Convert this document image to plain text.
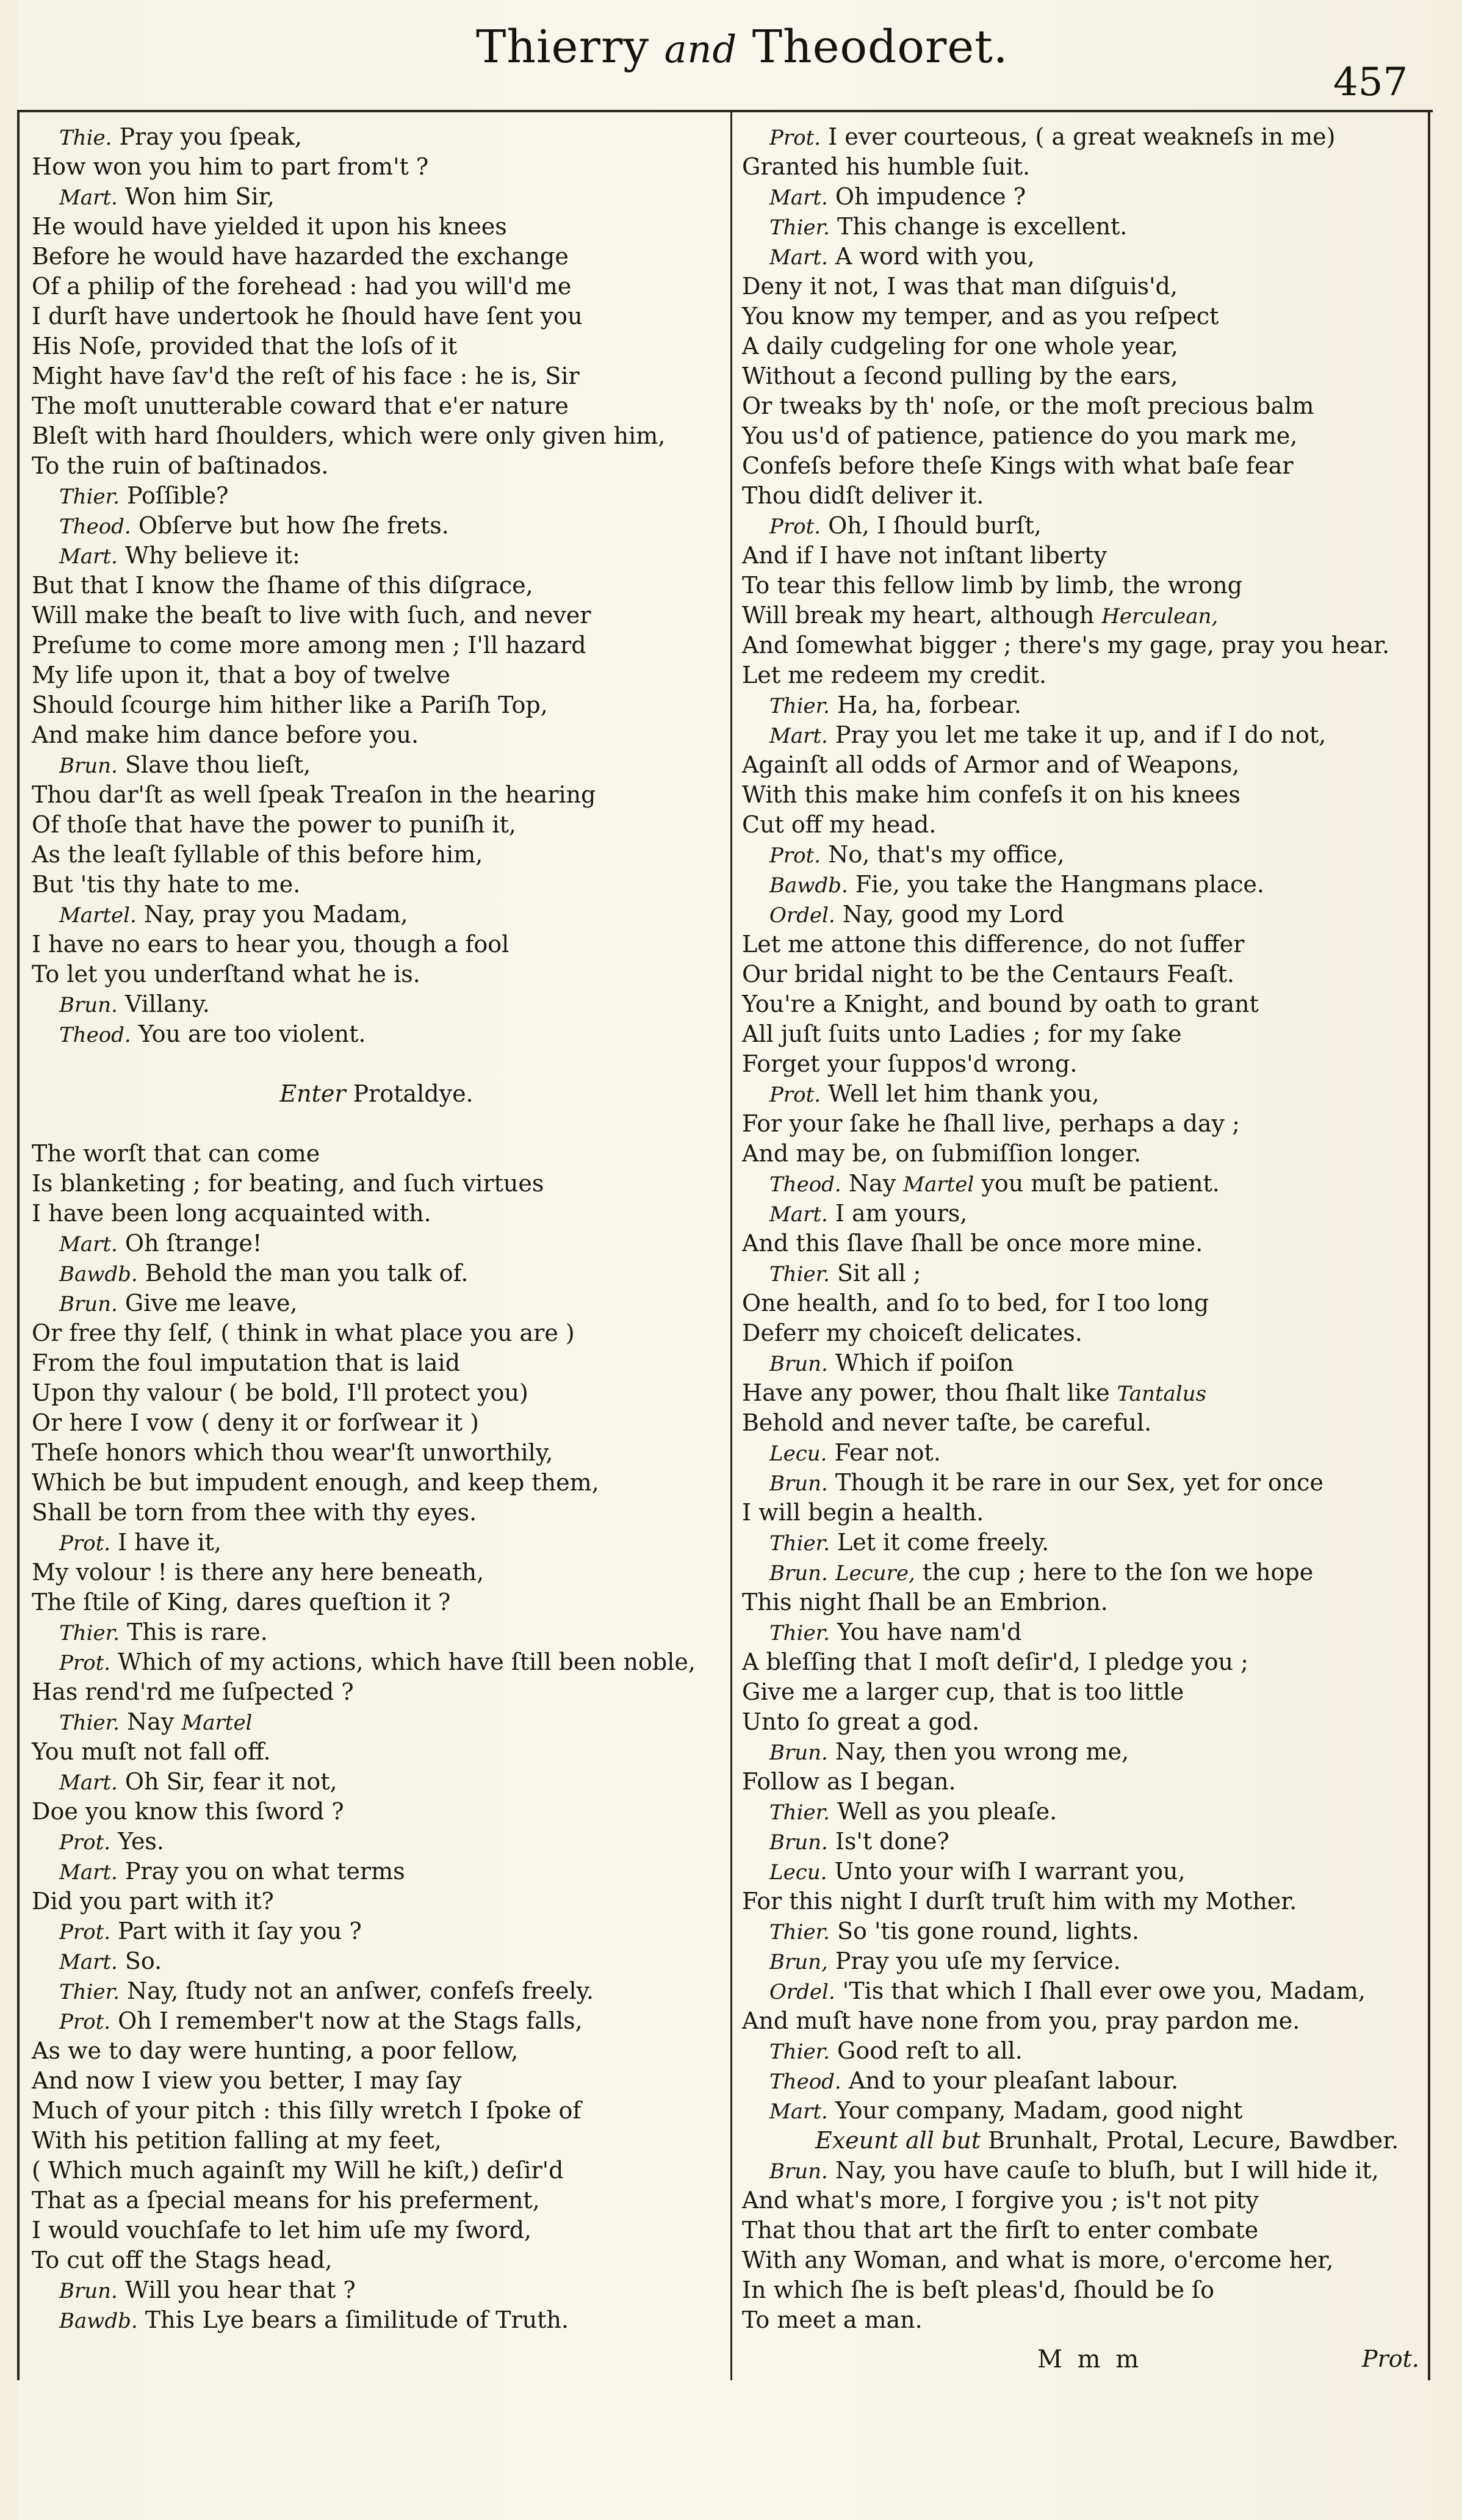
Thierry and Theodoret.
457
Thie. Pray you ſpeak,
How won you him to part from't ?
Mart. Won him Sir,
He would have yielded it upon his knees
Before he would have hazarded the exchange
Of a philip of the forehead : had you will'd me
I durſt have undertook he ſhould have ſent you
His Noſe, provided that the loſs of it
Might have ſav'd the reſt of his face : he is, Sir
The moſt unutterable coward that e'er nature
Bleſt with hard ſhoulders, which were only given him,
To the ruin of baſtinados.
Thier. Poſſible?
Theod. Obſerve but how ſhe frets.
Mart. Why believe it:
But that I know the ſhame of this diſgrace,
Will make the beaſt to live with ſuch, and never
Preſume to come more among men ; I'll hazard
My life upon it, that a boy of twelve
Should ſcourge him hither like a Pariſh Top,
And make him dance before you.
Brun. Slave thou lieſt,
Thou dar'ſt as well ſpeak Treaſon in the hearing
Of thoſe that have the power to puniſh it,
As the leaſt ſyllable of this before him,
But 'tis thy hate to me.
Martel. Nay, pray you Madam,
I have no ears to hear you, though a fool
To let you underſtand what he is.
Brun. Villany.
Theod. You are too violent.
Enter Protaldye.
The worſt that can come
Is blanketing ; for beating, and ſuch virtues
I have been long acquainted with.
Mart. Oh ſtrange!
Bawdb. Behold the man you talk of.
Brun. Give me leave,
Or free thy ſelf, ( think in what place you are )
From the foul imputation that is laid
Upon thy valour ( be bold, I'll protect you)
Or here I vow ( deny it or forſwear it )
Theſe honors which thou wear'ſt unworthily,
Which be but impudent enough, and keep them,
Shall be torn from thee with thy eyes.
Prot. I have it,
My volour ! is there any here beneath,
The ſtile of King, dares queſtion it ?
Thier. This is rare.
Prot. Which of my actions, which have ſtill been noble,
Has rend'rd me ſuſpected ?
Thier. Nay Martel
You muſt not fall off.
Mart. Oh Sir, fear it not,
Doe you know this ſword ?
Prot. Yes.
Mart. Pray you on what terms
Did you part with it?
Prot. Part with it ſay you ?
Mart. So.
Thier. Nay, ſtudy not an anſwer, confeſs freely.
Prot. Oh I remember't now at the Stags falls,
As we to day were hunting, a poor fellow,
And now I view you better, I may ſay
Much of your pitch : this ſilly wretch I ſpoke of
With his petition falling at my feet,
( Which much againſt my Will he kiſt,) deſir'd
That as a ſpecial means for his preferment,
I would vouchſafe to let him uſe my ſword,
To cut off the Stags head,
Brun. Will you hear that ?
Bawdb. This Lye bears a ſimilitude of Truth.
Prot. I ever courteous, ( a great weakneſs in me)
Granted his humble ſuit.
Mart. Oh impudence ?
Thier. This change is excellent.
Mart. A word with you,
Deny it not, I was that man diſguis'd,
You know my temper, and as you reſpect
A daily cudgeling for one whole year,
Without a ſecond pulling by the ears,
Or tweaks by th' noſe, or the moſt precious balm
You us'd of patience, patience do you mark me,
Confeſs before theſe Kings with what baſe fear
Thou didſt deliver it.
Prot. Oh, I ſhould burſt,
And if I have not inſtant liberty
To tear this fellow limb by limb, the wrong
Will break my heart, although Herculean,
And ſomewhat bigger ; there's my gage, pray you hear.
Let me redeem my credit.
Thier. Ha, ha, forbear.
Mart. Pray you let me take it up, and if I do not,
Againſt all odds of Armor and of Weapons,
With this make him confeſs it on his knees
Cut off my head.
Prot. No, that's my office,
Bawdb. Fie, you take the Hangmans place.
Ordel. Nay, good my Lord
Let me attone this difference, do not ſuffer
Our bridal night to be the Centaurs Feaſt.
You're a Knight, and bound by oath to grant
All juſt ſuits unto Ladies ; for my ſake
Forget your ſuppos'd wrong.
Prot. Well let him thank you,
For your ſake he ſhall live, perhaps a day ;
And may be, on ſubmiſſion longer.
Theod. Nay Martel you muſt be patient.
Mart. I am yours,
And this ſlave ſhall be once more mine.
Thier. Sit all ;
One health, and ſo to bed, for I too long
Deferr my choiceſt delicates.
Brun. Which if poiſon
Have any power, thou ſhalt like Tantalus
Behold and never taſte, be careful.
Lecu. Fear not.
Brun. Though it be rare in our Sex, yet for once
I will begin a health.
Thier. Let it come freely.
Brun. Lecure, the cup ; here to the ſon we hope
This night ſhall be an Embrion.
Thier. You have nam'd
A bleſſing that I moſt deſir'd, I pledge you ;
Give me a larger cup, that is too little
Unto ſo great a god.
Brun. Nay, then you wrong me,
Follow as I began.
Thier. Well as you pleaſe.
Brun. Is't done?
Lecu. Unto your wiſh I warrant you,
For this night I durſt truſt him with my Mother.
Thier. So 'tis gone round, lights.
Brun, Pray you uſe my ſervice.
Ordel. 'Tis that which I ſhall ever owe you, Madam,
And muſt have none from you, pray pardon me.
Thier. Good reſt to all.
Theod. And to your pleaſant labour.
Mart. Your company, Madam, good night
Exeunt all but Brunhalt, Protal, Lecure, Bawdber.
Brun. Nay, you have cauſe to bluſh, but I will hide it,
And what's more, I forgive you ; is't not pity
That thou that art the firſt to enter combate
With any Woman, and what is more, o'ercome her,
In which ſhe is beſt pleas'd, ſhould be ſo
To meet a man.
M m m	Prot.
